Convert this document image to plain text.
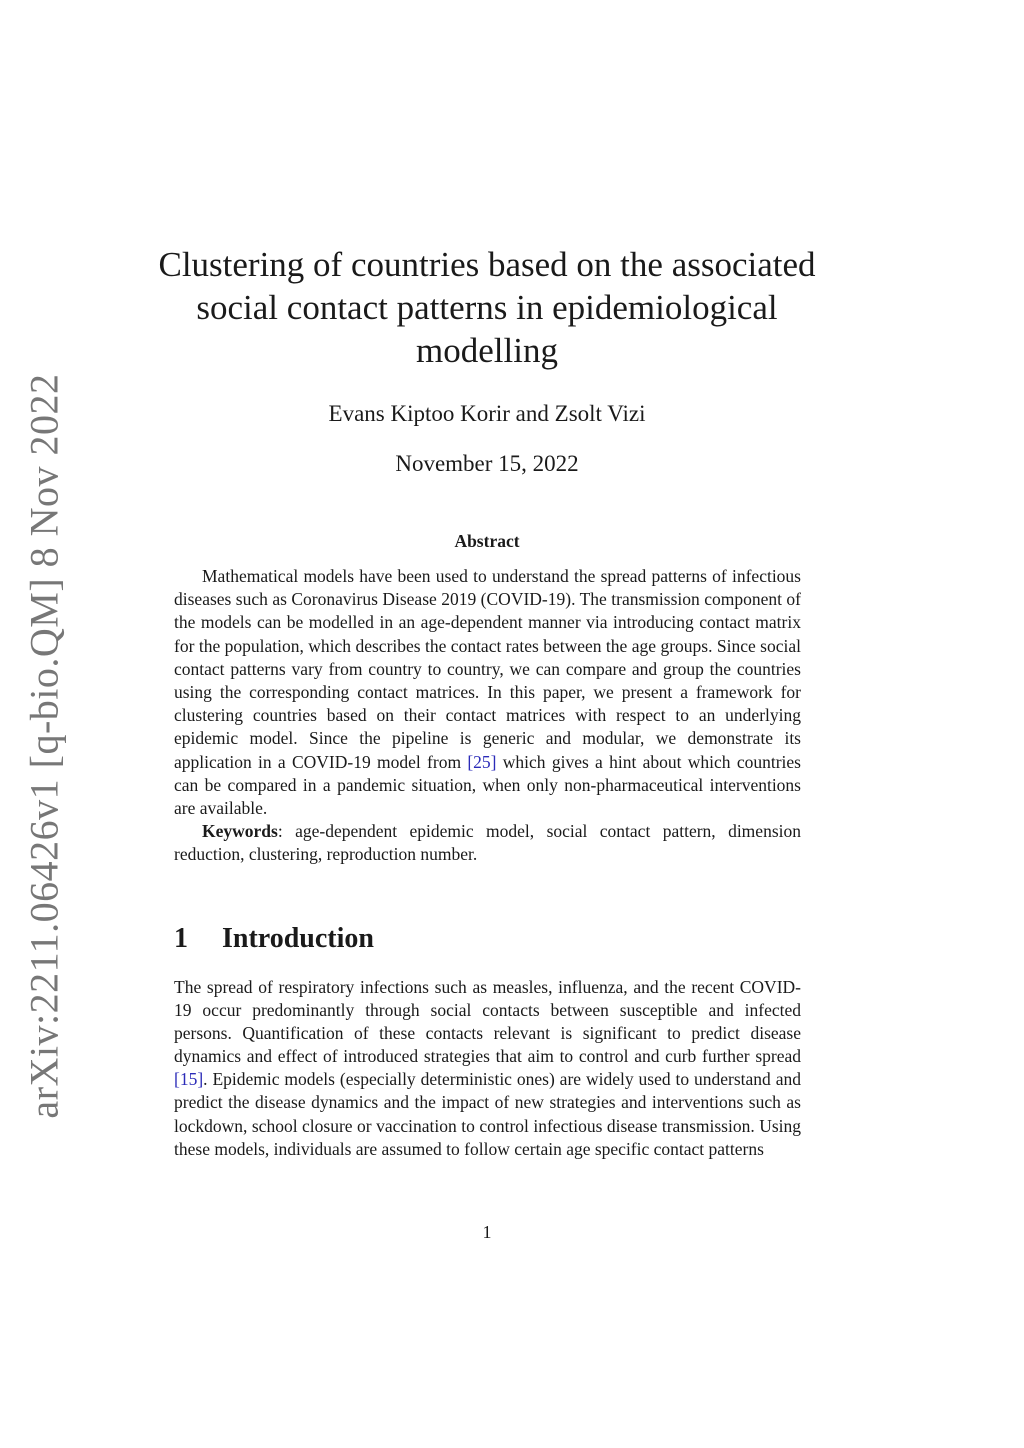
arXiv:2211.06426v1 [q-bio.QM] 8 Nov 2022
Clustering of countries based on the associated social contact patterns in epidemiological modelling
Evans Kiptoo Korir and Zsolt Vizi
November 15, 2022
Abstract

Mathematical models have been used to understand the spread patterns of infectious diseases such as Coronavirus Disease 2019 (COVID-19). The transmission component of the models can be modelled in an age-dependent manner via introducing contact matrix for the population, which describes the contact rates between the age groups. Since social contact patterns vary from country to country, we can compare and group the countries using the corresponding contact matrices. In this paper, we present a framework for clustering countries based on their contact matrices with respect to an underlying epidemic model. Since the pipeline is generic and modular, we demonstrate its application in a COVID-19 model from [25] which gives a hint about which countries can be compared in a pandemic situation, when only non-pharmaceutical interventions are available.

Keywords: age-dependent epidemic model, social contact pattern, dimension reduction, clustering, reproduction number.

1 Introduction

The spread of respiratory infections such as measles, influenza, and the recent COVID-19 occur predominantly through social contacts between susceptible and infected persons. Quantification of these contacts relevant is significant to predict disease dynamics and effect of introduced strategies that aim to control and curb further spread [15]. Epidemic models (especially deterministic ones) are widely used to understand and predict the disease dynamics and the impact of new strategies and interventions such as lockdown, school closure or vaccination to control infectious disease transmission. Using these models, individuals are assumed to follow certain age specific contact patterns

1
